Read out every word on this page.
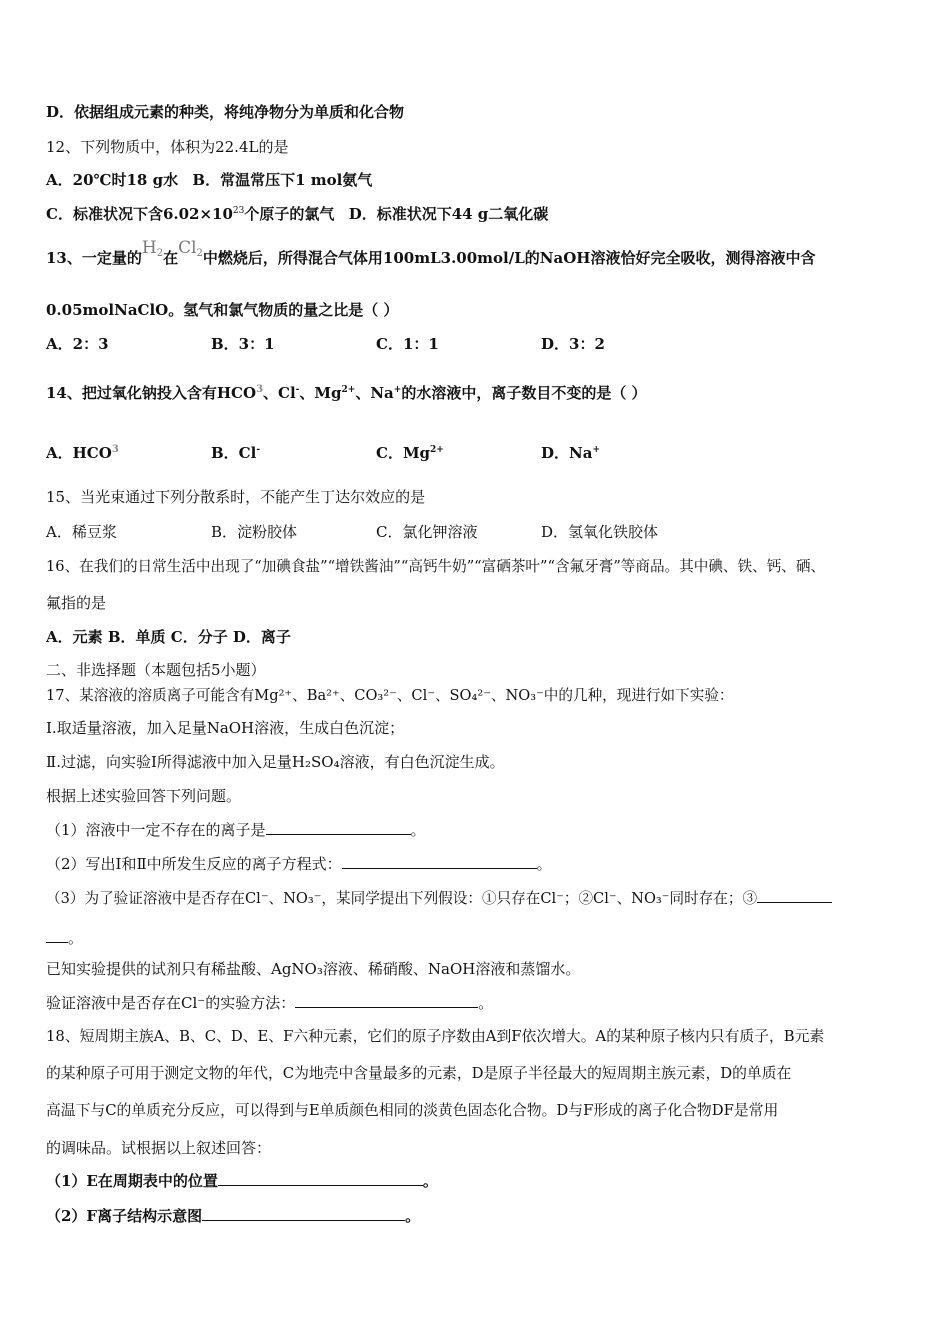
D．依据组成元素的种类，将纯净物分为单质和化合物
12、下列物质中，体积为22.4L的是
A．20℃时18 g水 B．常温常压下1 mol氨气
C．标准状况下含$6.02\times 10^{23}$个原子的氯气 D．标准状况下44 g二氧化碳
13、一定量的H2在Cl2中燃烧后，所得混合气体用100mL3.00mol/L的NaOH溶液恰好完全吸收，测得溶液中含
0.05molNaClO。氢气和氯气物质的量之比是（ ）
A．2：3	B．3：1	C．1：1	D．3：2
14、把过氧化钠投入含有HCO$^3$、Cl-、$Mg^{2+}$、Na+的水溶液中，离子数目不变的是（ ）
A．HCO$^3$	B．Cl-	C．$Mg^{2+}$	D．Na+
15、当光束通过下列分散系时，不能产生丁达尔效应的是
A．稀豆浆	B．淀粉胶体	C．氯化钾溶液	D．氢氧化铁胶体
16、在我们的日常生活中出现了“加碘食盐”“增铁酱油”“高钙牛奶”“富硒茶叶”“含氟牙膏”等商品。其中碘、铁、钙、硒、
氟指的是
A．元素 B．单质 C．分子 D．离子
二、非选择题（本题包括5小题）
17、某溶液的溶质离子可能含有Mg²⁺、Ba²⁺、CO₃²⁻、Cl⁻、SO₄²⁻、NO₃⁻中的几种，现进行如下实验：
Ⅰ.取适量溶液，加入足量NaOH溶液，生成白色沉淀；
Ⅱ.过滤，向实验Ⅰ所得滤液中加入足量H₂SO₄溶液，有白色沉淀生成。
根据上述实验回答下列问题。
（1）溶液中一定不存在的离子是	。
（2）写出Ⅰ和Ⅱ中所发生反应的离子方程式：	。
（3）为了验证溶液中是否存在Cl⁻、NO₃⁻，某同学提出下列假设：①只存在Cl⁻；②Cl⁻、NO₃⁻同时存在；③
。
已知实验提供的试剂只有稀盐酸、AgNO₃溶液、稀硝酸、NaOH溶液和蒸馏水。
验证溶液中是否存在Cl⁻的实验方法：	。
18、短周期主族A、B、C、D、E、F六种元素，它们的原子序数由A到F依次增大。A的某种原子核内只有质子，B元素
的某种原子可用于测定文物的年代，C为地壳中含量最多的元素，D是原子半径最大的短周期主族元素，D的单质在
高温下与C的单质充分反应，可以得到与E单质颜色相同的淡黄色固态化合物。D与F形成的离子化合物DF是常用
的调味品。试根据以上叙述回答：
（1）E在周期表中的位置	。
（2）F离子结构示意图	。
